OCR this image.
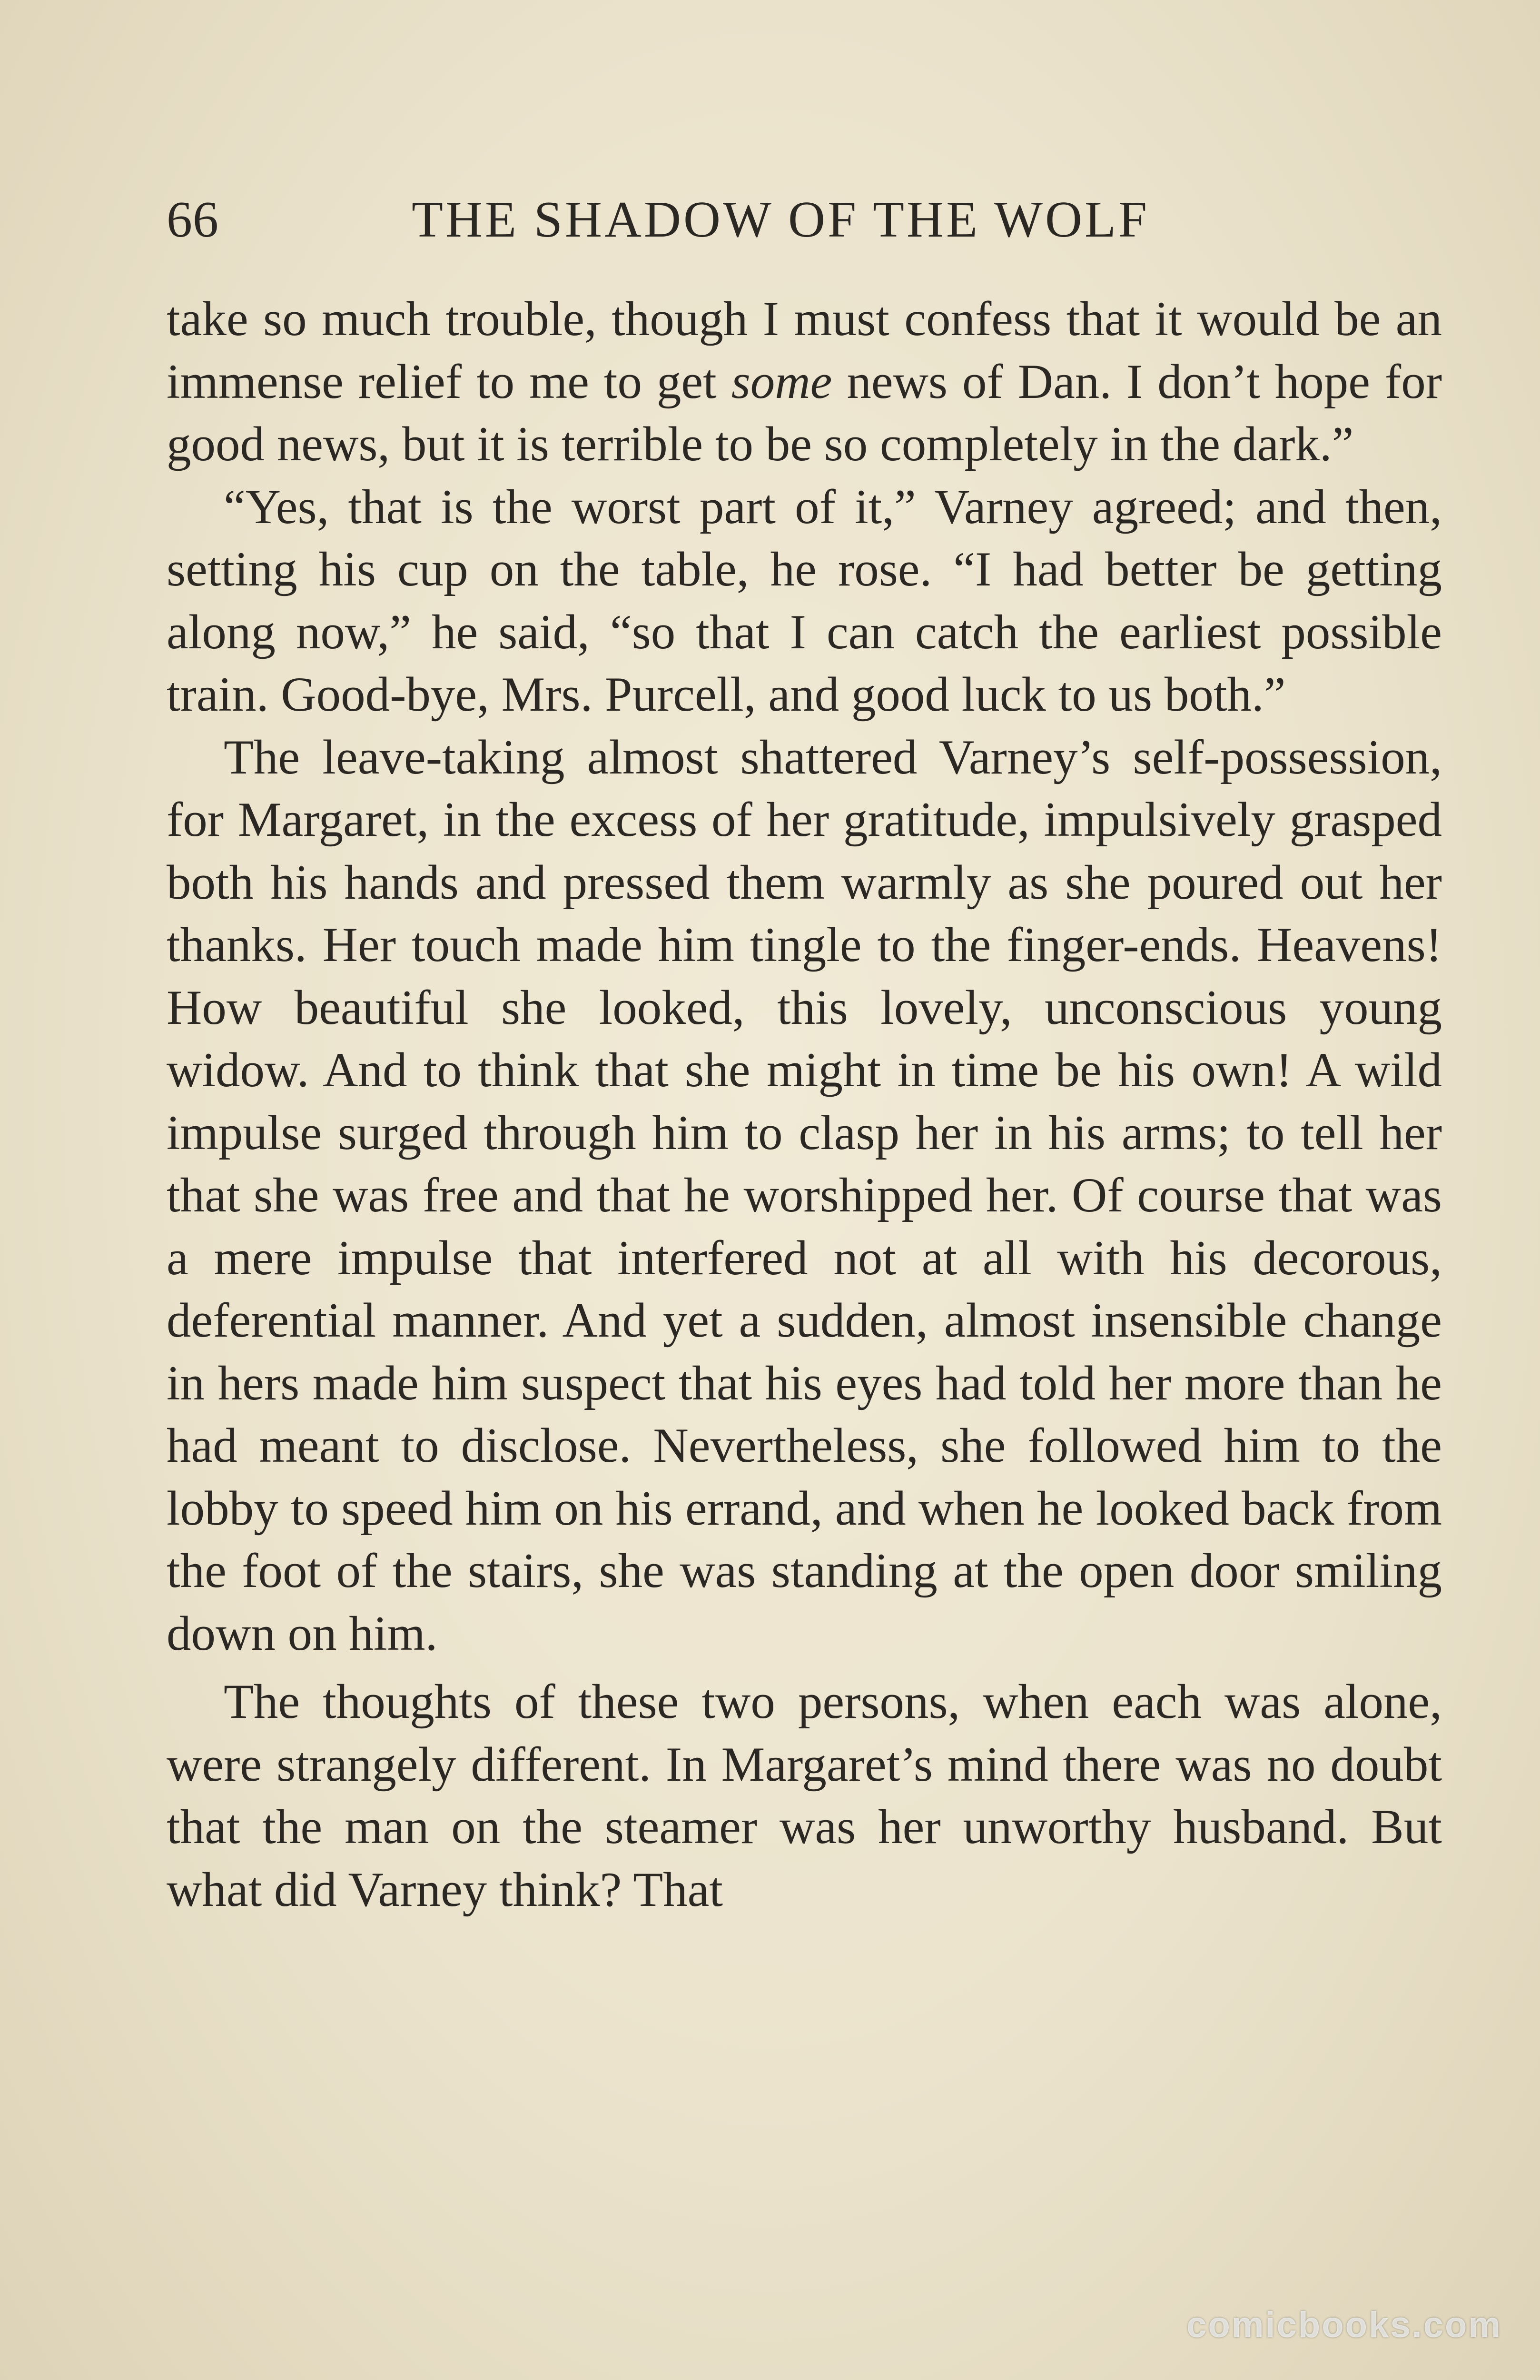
66	THE SHADOW OF THE WOLF

take so much trouble, though I must confess that it would be an immense relief to me to get some news of Dan. I don’t hope for good news, but it is terrible to be so completely in the dark.”

“Yes, that is the worst part of it,” Varney agreed; and then, setting his cup on the table, he rose. “I had better be getting along now,” he said, “so that I can catch the earliest possible train. Good-bye, Mrs. Purcell, and good luck to us both.”

The leave-taking almost shattered Varney’s self-possession, for Margaret, in the excess of her gratitude, impulsively grasped both his hands and pressed them warmly as she poured out her thanks. Her touch made him tingle to the finger-ends. Heavens! How beautiful she looked, this lovely, unconscious young widow. And to think that she might in time be his own! A wild impulse surged through him to clasp her in his arms; to tell her that she was free and that he worshipped her. Of course that was a mere impulse that interfered not at all with his decorous, deferential manner. And yet a sudden, almost insensible change in hers made him suspect that his eyes had told her more than he had meant to disclose. Nevertheless, she followed him to the lobby to speed him on his errand, and when he looked back from the foot of the stairs, she was standing at the open door smiling down on him.

The thoughts of these two persons, when each was alone, were strangely different. In Margaret’s mind there was no doubt that the man on the steamer was her unworthy husband. But what did Varney think? That

comicbooks.com
